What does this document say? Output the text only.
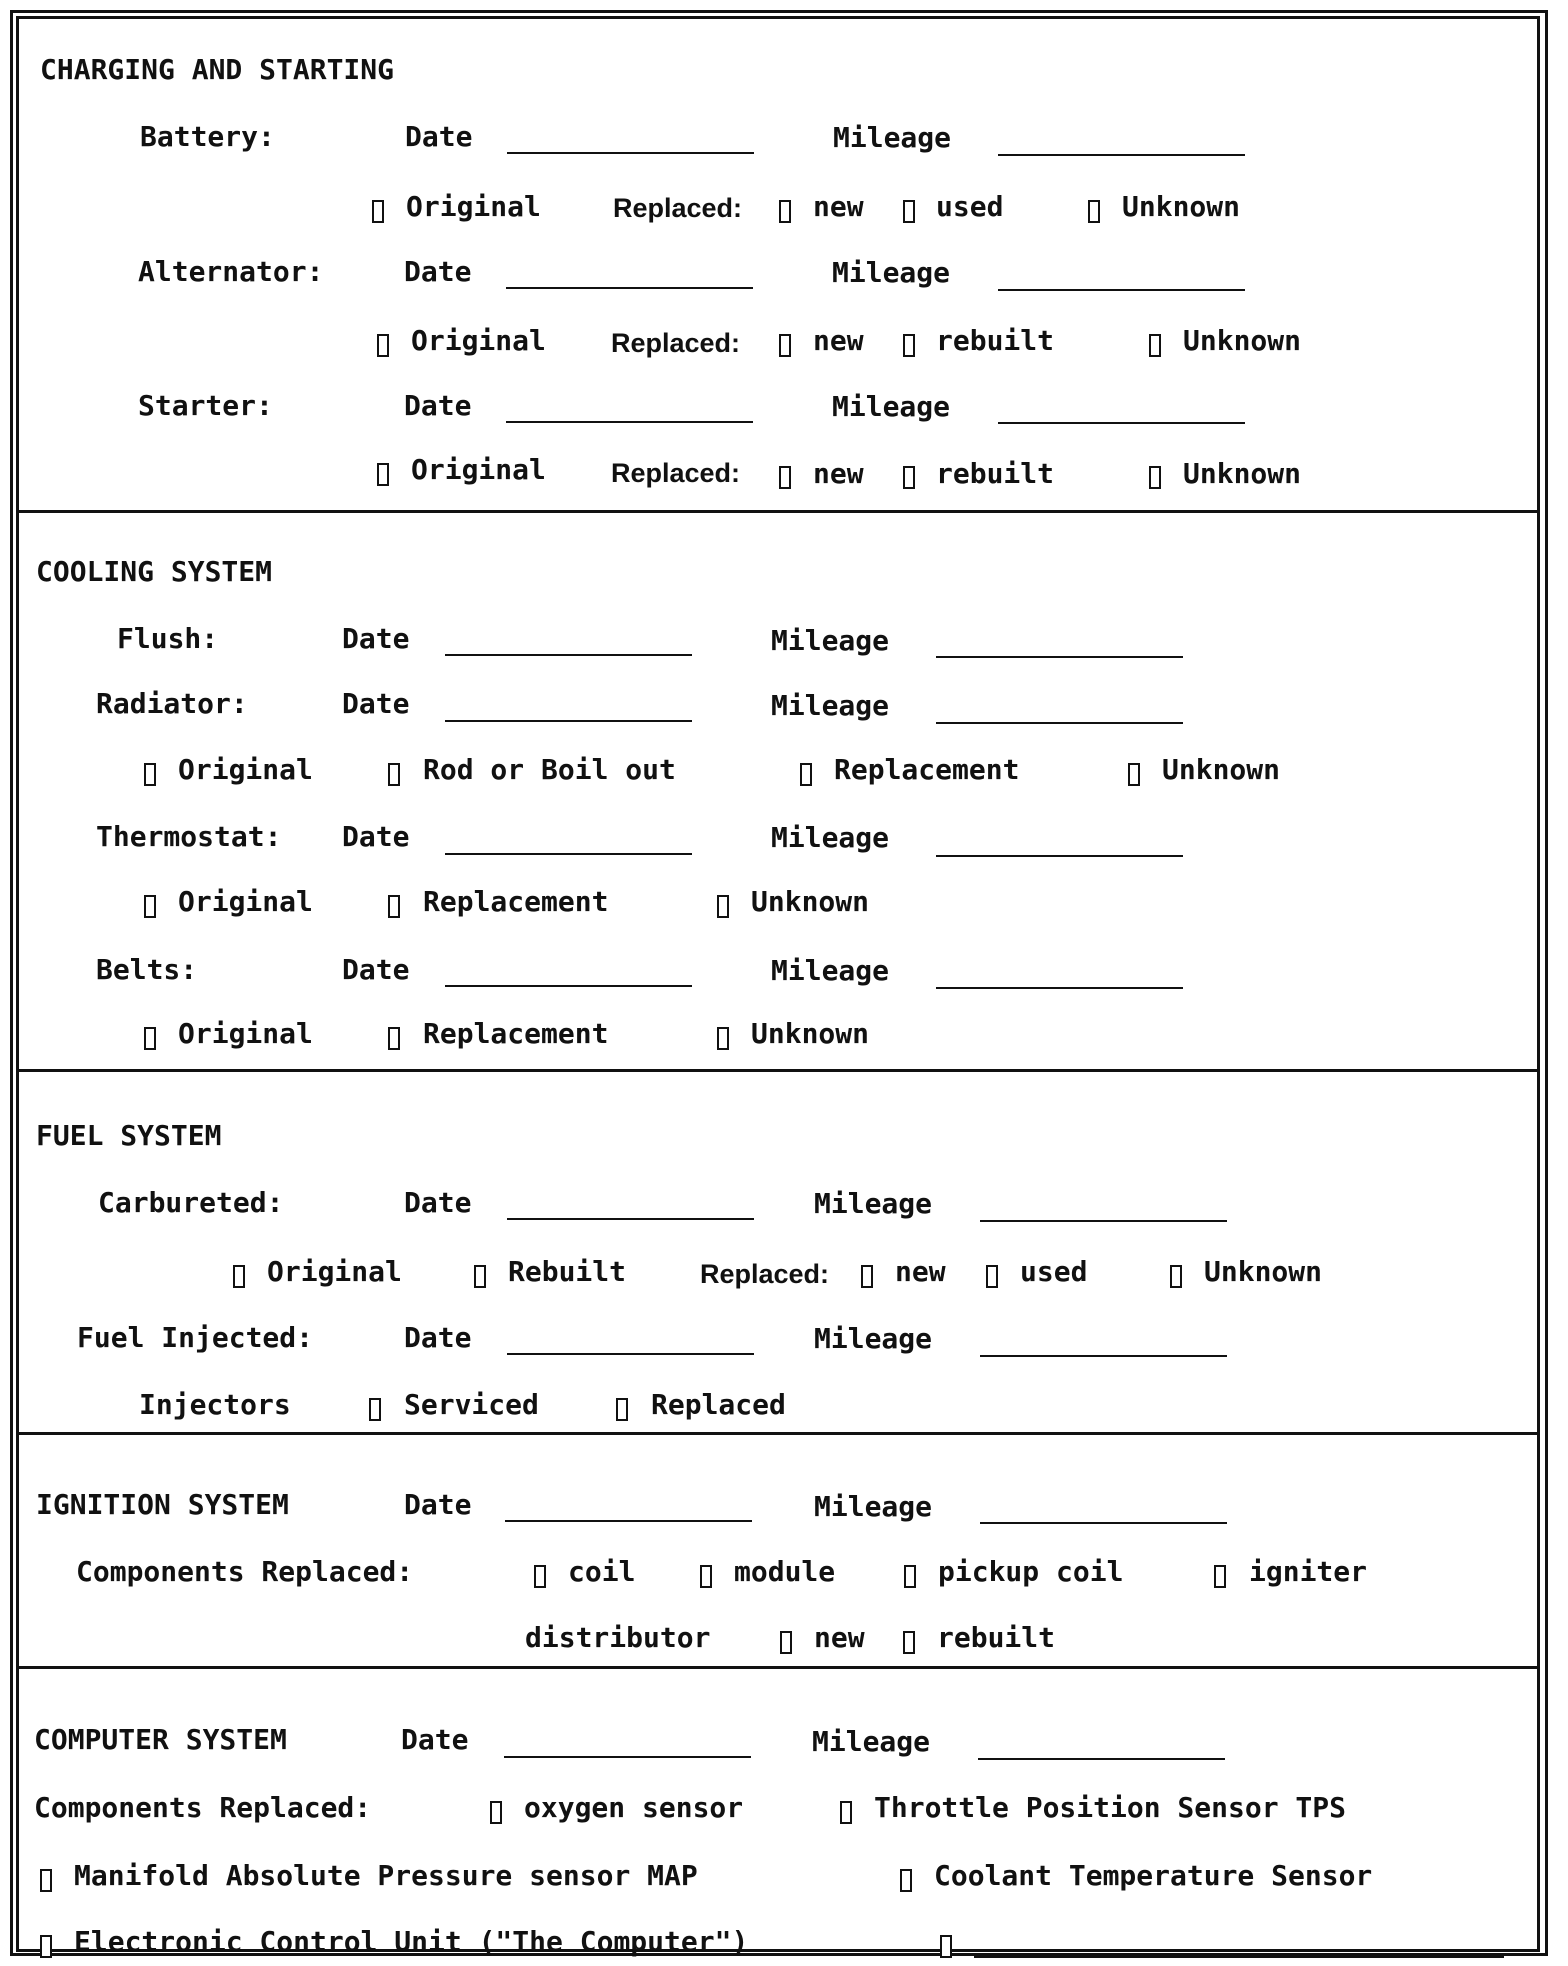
CHARGING AND STARTING
Battery:	Date	Mileage
Original	Replaced:	new	used	Unknown
Alternator:	Date	Mileage
Original Replaced:	new	rebuilt	Unknown
Starter:	Date	Mileage
Original Replaced:	new	rebuilt	Unknown
COOLING SYSTEM
Flush:	Date	Mileage
Radiator:	Date	Mileage
Original	Rod or Boil out	Replacement	Unknown
Thermostat: Date	Mileage
Original	Replacement	Unknown
Belts:	Date	Mileage
Original	Replacement	Unknown
FUEL SYSTEM
Carbureted:	Date	Mileage
Original	Rebuilt	Replaced: new	used	Unknown
Fuel Injected:	Date	Mileage
Injectors	Serviced	Replaced
IGNITION SYSTEM	Date	Mileage
Components Replaced:	coil	module	pickup coil	igniter
distributor	new	rebuilt
COMPUTER SYSTEM	Date	Mileage
Components Replaced:	oxygen sensor	Throttle Position Sensor TPS
Manifold Absolute Pressure sensor MAP	Coolant Temperature Sensor
Electronic Control Unit ("The Computer")
